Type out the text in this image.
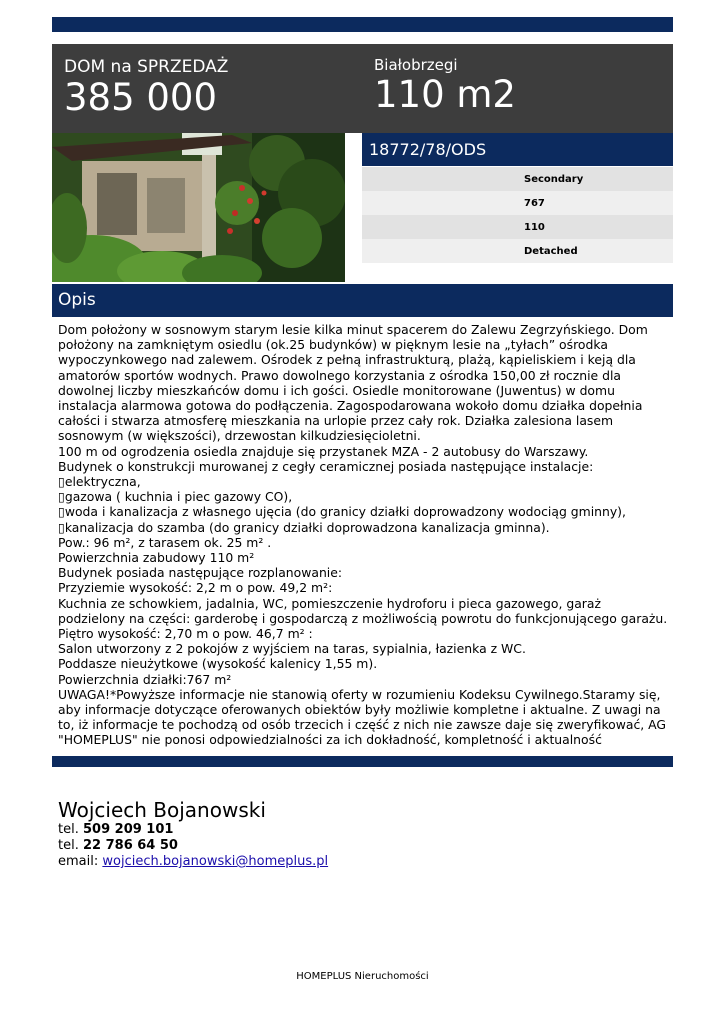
DOM na SPRZEDAŻ
385 000
Białobrzegi
110 m2
18772/78/ODS
Secondary
767
110
Detached
Opis

Dom położony w sosnowym starym lesie kilka minut spacerem do Zalewu Zegrzyńskiego. Dom położony na zamkniętym osiedlu (ok.25 budynków) w pięknym lesie na „tyłach” ośrodka wypoczynkowego nad zalewem. Ośrodek z pełną infrastrukturą, plażą, kąpieliskiem i keją dla amatorów sportów wodnych. Prawo dowolnego korzystania z ośrodka 150,00 zł rocznie dla dowolnej liczby mieszkańców domu i ich gości. Osiedle monitorowane (Juwentus) w domu instalacja alarmowa gotowa do podłączenia. Zagospodarowana wokoło domu działka dopełnia całości i stwarza atmosferę mieszkania na urlopie przez cały rok. Działka zalesiona lasem sosnowym (w większości), drzewostan kilkudziesięcioletni.

100 m od ogrodzenia osiedla znajduje się przystanek MZA - 2 autobusy do Warszawy.

Budynek o konstrukcji murowanej z cegły ceramicznej posiada następujące instalacje:

▯elektryczna,

▯gazowa ( kuchnia i piec gazowy CO),

▯woda i kanalizacja z własnego ujęcia (do granicy działki doprowadzony wodociąg gminny),

▯kanalizacja do szamba (do granicy działki doprowadzona kanalizacja gminna).

Pow.: 96 m², z tarasem ok. 25 m² .

Powierzchnia zabudowy 110 m²

Budynek posiada następujące rozplanowanie:

Przyziemie wysokość: 2,2 m o pow. 49,2 m²:

Kuchnia ze schowkiem, jadalnia, WC, pomieszczenie hydroforu i pieca gazowego, garaż podzielony na części: garderobę i gospodarczą z możliwością powrotu do funkcjonującego garażu.

Piętro wysokość: 2,70 m o pow. 46,7 m² :

Salon utworzony z 2 pokojów z wyjściem na taras, sypialnia, łazienka z WC.

Poddasze nieużytkowe (wysokość kalenicy 1,55 m).

Powierzchnia działki:767 m²

UWAGA!*Powyższe informacje nie stanowią oferty w rozumieniu Kodeksu Cywilnego.Staramy się, aby informacje dotyczące oferowanych obiektów były możliwie kompletne i aktualne. Z uwagi na to, iż informacje te pochodzą od osób trzecich i część z nich nie zawsze daje się zweryfikować, AG "HOMEPLUS" nie ponosi odpowiedzialności za ich dokładność, kompletność i aktualność

Wojciech Bojanowski
tel. 509 209 101
tel. 22 786 64 50
email: wojciech.bojanowski@homeplus.pl
HOMEPLUS Nieruchomości
